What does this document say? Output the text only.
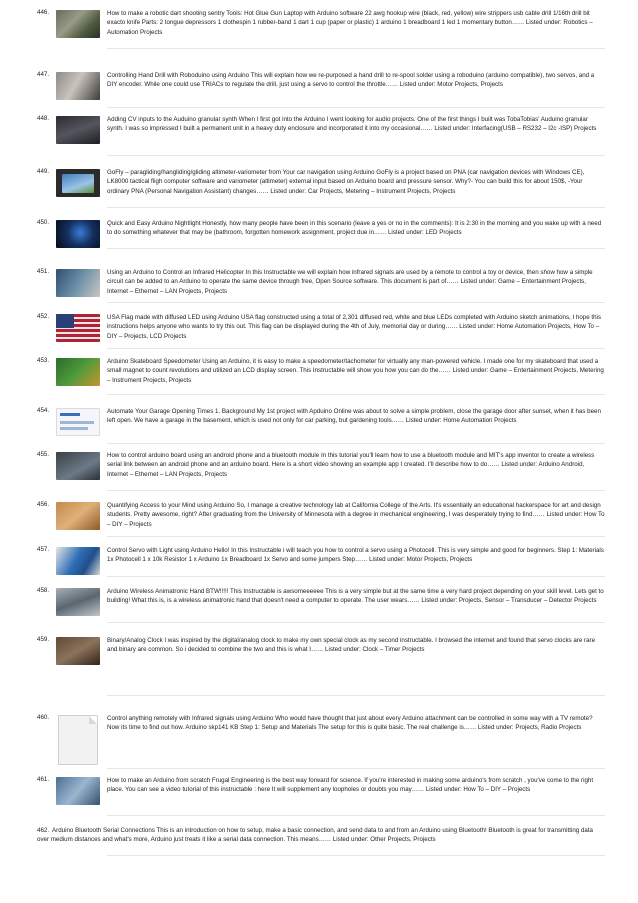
446.	How to make a robotic dart shooting sentry Tools: Hot Glue Gun Laptop with Arduino software 22 awg hookup wire (black, red, yellow) wire strippers usb cable drill 1/16th drill bit exacto knife Parts: 2 tongue depressors 1 clothespin 1 rubber-band 1 dart 1 cup (paper or plastic) 1 arduino 1 breadboard 1 led 1 momentary button…… Listed under: Robotics – Automation Projects
447.	Controlling Hand Drill with Roboduino using Arduino This will explain how we re-purposed a hand drill to re-spool solder using a roboduino (arduino compatible), two servos, and a DIY encoder. While one could use TRIACs to regulate the drill, just using a servo to control the throttle…… Listed under: Motor Projects, Projects
448.	Adding CV inputs to the Auduino granular synth When I first got into the Arduino I went looking for audio projects. One of the first things I built was TobaTobias' Auduino granular synth. I was so impressed I built a permanent unit in a heavy duty enclosure and incorporated it into my occasional…… Listed under: Interfacing(USB – RS232 – I2c -ISP) Projects
449.	GoFly – paragliding/hangliding/gliding altimeter-variometer from Your car navigation using Arduino GoFly is a project based on PNA (car navigation devices with Windows CE), LK8000 tactical fligh computer software and variometer (altimeter) external input based on Arduino board and pressure sensor. Why?- You can build this for about 150$, -Your ordinary PNA (Personal Navigation Assistant) changes…… Listed under: Car Projects, Metering – Instrument Projects, Projects
450.	Quick and Easy Arduino Nightlight Honestly, how many people have been in this scenario (leave a yes or no in the comments): It is 2:30 in the morning and you wake up with a need to do something whatever that may be (bathroom, forgotten homework assignment, project due in…… Listed under: LED Projects
451.	Using an Arduino to Control an Infrared Helicopter In this Instructable we will explain how infrared signals are used by a remote to control a toy or device, then show how a simple circuit can be added to an Arduino to operate the same device through free, Open Source software. This document is part of…… Listed under: Game – Entertainment Projects, Internet – Ethernet – LAN Projects, Projects
452.	USA Flag made with diffused LED using Arduino USA flag constructed using a total of 2,301 diffused red, white and blue LEDs completed with Arduino sketch animations, I hope this instructions helps anyone who wants to try this out. This flag can be displayed during the 4th of July, memorial day or during…… Listed under: Home Automation Projects, How To – DIY – Projects, LCD Projects
453.	Arduino Skateboard Speedometer Using an Arduino, it is easy to make a speedometer/tachometer for virtually any man-powered vehicle. I made one for my skateboard that used a small magnet to count revolutions and utilized an LCD display screen. This Instructable will show you how you can do the…… Listed under: Game – Entertainment Projects, Metering – Instrument Projects, Projects
454.	Automate Your Garage Opening Times 1. Background My 1st project with Apduino Online was about to solve a simple problem, close the garage door after sunset, when it has been left open. We have a garage in the basement, which is used not only for car parking, but gardening tools…… Listed under: Home Automation Projects
455.	How to control arduino board using an android phone and a bluetooth module In this tutorial you'll learn how to use a bluetooth module and MIT's app inventor to create a wireless serial link between an android phone and an arduino board. Here is a short video showing an example app I created. I'll describe how to do…… Listed under: Arduino Android, Internet – Ethernet – LAN Projects, Projects
456.	Quantifying Access to your Mind using Arduino So, I manage a creative technology lab at California College of the Arts. It's essentially an educational hackerspace for art and design students. Pretty awesome, right? After graduating from the University of Minnesota with a degree in mechanical engineering, I was desperately trying to find…… Listed under: How To – DIY – Projects
457.	Control Servo with Light using Arduino Hello! In this Instructable i will teach you how to control a servo using a Photocell. This is very simple and good for beginners. Step 1: Materials 1x Photocell 1 x 10k Resistor 1 x Arduino 1x Breadboard 1x Servo and some jumpers Step…… Listed under: Motor Projects, Projects
458.	Arduino Wireless Animatronic Hand BTW!!!!! This Instructable is awsomeeeeee This is a very simple but at the same time a very hard project depending on your skill level. Lets get to building! What this is, is a wireless animatronic hand that doesn't need a computer to operate. The user wears…… Listed under: Projects, Sensor – Transducer – Detector Projects
459.	Binary/Analog Clock I was inspired by the digital/analog clock to make my own special clock as my second instructable. I browsed the internet and found that servo clocks are rare and binary are common. So i decided to combine the two and this is what I…… Listed under: Clock – Timer Projects
460.	Control anything remotely with Infrared signals using Arduino Who would have thought that just about every Arduino attachment can be controlled in some way with a TV remote? Now its time to find out how. Arduino skp141 KB Step 1: Setup and Materials The setup for this is quite basic. The real challenge is…… Listed under: Projects, Radio Projects
461.	How to make an Arduino from scratch Frugal Engineering is the best way forward for science. If you're interested in making some arduino's from scratch , you've come to the right place. You can see a video tutorial of this instructable : here It will supplement any loopholes or doubts you may…… Listed under: How To – DIY – Projects
462. Arduino Bluetooth Serial Connections This is an introduction on how to setup, make a basic connection, and send data to and from an Arduino using Bluetooth! Bluetooth is great for transmitting data over medium distances and what's more, Arduino just treats it like a serial data connection. This means…… Listed under: Other Projects, Projects
